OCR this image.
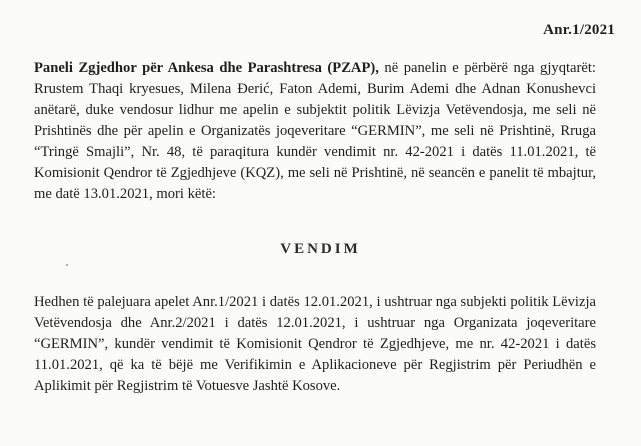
Anr.1/2021

Paneli Zgjedhor për Ankesa dhe Parashtresa (PZAP), në panelin e përbërë nga gjyqtarët: Rrustem Thaqi kryesues, Milena Đerić, Faton Ademi, Burim Ademi dhe Adnan Konushevci anëtarë, duke vendosur lidhur me apelin e subjektit politik Lëvizja Vetëvendosja, me seli në Prishtinës dhe për apelin e Organizatës joqeveritare “GERMIN”, me seli në Prishtinë, Rruga “Tringë Smajli”, Nr. 48, të paraqitura kundër vendimit nr. 42-2021 i datës 11.01.2021, të Komisionit Qendror të Zgjedhjeve (KQZ), me seli në Prishtinë, në seancën e panelit të mbajtur, me datë 13.01.2021, mori këtë:

VENDIM

Hedhen të palejuara apelet Anr.1/2021 i datës 12.01.2021, i ushtruar nga subjekti politik Lëvizja Vetëvendosja dhe Anr.2/2021 i datës 12.01.2021, i ushtruar nga Organizata joqeveritare “GERMIN”, kundër vendimit të Komisionit Qendror të Zgjedhjeve, me nr. 42-2021 i datës 11.01.2021, që ka të bëjë me Verifikimin e Aplikacioneve për Regjistrim për Periudhën e Aplikimit për Regjistrim të Votuesve Jashtë Kosove.
